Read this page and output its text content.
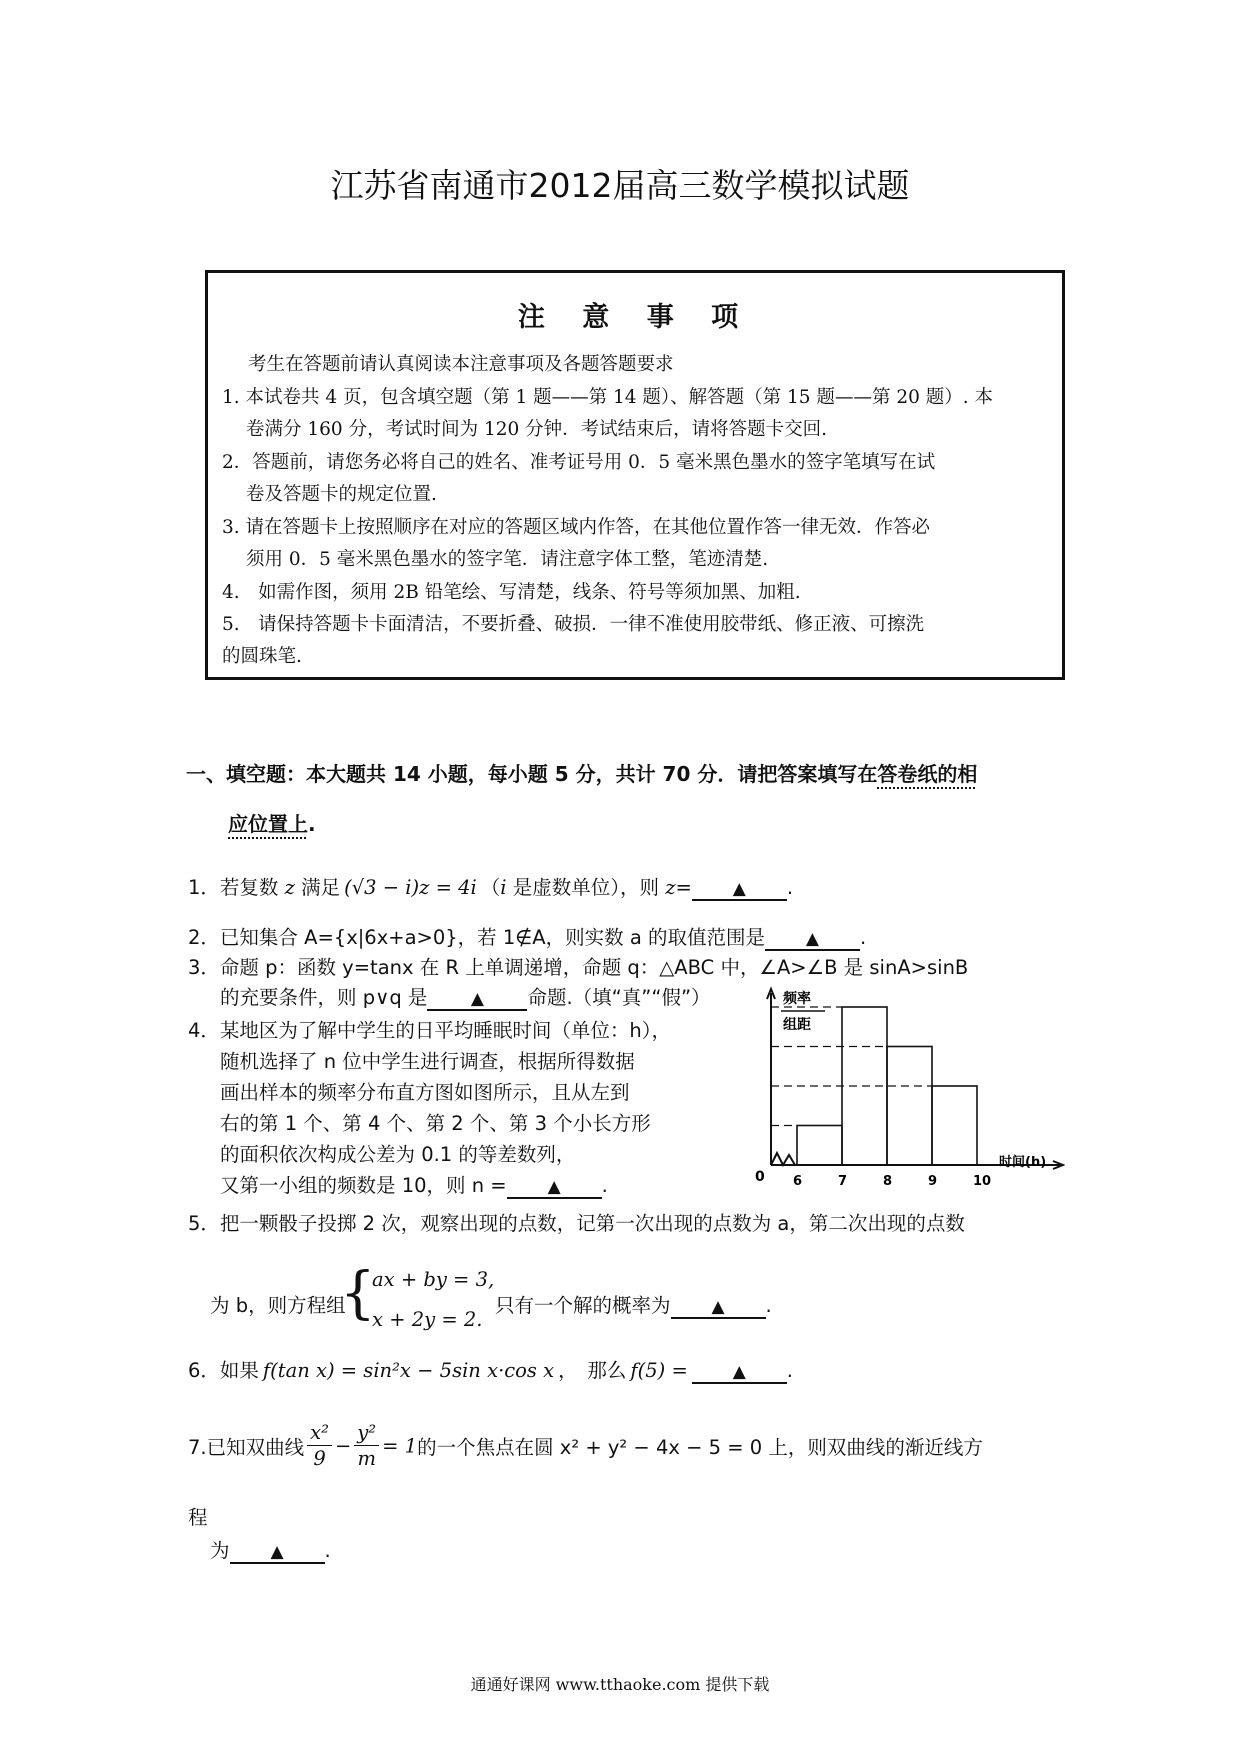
江苏省南通市2012届高三数学模拟试题
注 意 事 项
考生在答题前请认真阅读本注意事项及各题答题要求
1. 本试卷共 4 页，包含填空题（第 1 题——第 14 题）、解答题（第 15 题——第 20 题）. 本
卷满分 160 分，考试时间为 120 分钟．考试结束后，请将答题卡交回.
2．答题前，请您务必将自己的姓名、准考证号用 0．5 毫米黑色墨水的签字笔填写在试
卷及答题卡的规定位置.
3. 请在答题卡上按照顺序在对应的答题区域内作答，在其他位置作答一律无效．作答必
须用 0．5 毫米黑色墨水的签字笔．请注意字体工整，笔迹清楚.
4.　如需作图，须用 2B 铅笔绘、写清楚，线条、符号等须加黑、加粗.
5.　请保持答题卡卡面清洁，不要折叠、破损．一律不准使用胶带纸、修正液、可擦洗
的圆珠笔.
一、填空题：本大题共 14 小题，每小题 5 分，共计 70 分．请把答案填写在答卷纸的相
应位置上.
1．若复数 z 满足 (√3 − i)z = 4i （i 是虚数单位），则 z= ▲ .
2．已知集合 A={x|6x+a>0}，若 1∉A，则实数 a 的取值范围是 ▲ .
3．命题 p：函数 y=tanx 在 R 上单调递增，命题 q：△ABC 中，∠A>∠B 是 sinA>sinB
的充要条件，则 p∨q 是	▲ 命题.（填“真”“假”）
4．某地区为了解中学生的日平均睡眠时间（单位：h），
随机选择了 n 位中学生进行调查，根据所得数据
画出样本的频率分布直方图如图所示，且从左到
右的第 1 个、第 4 个、第 2 个、第 3 个小长方形
的面积依次构成公差为 0.1 的等差数列，
又第一小组的频数是 10，则 n = ▲ .	6	7	8	9	10
频率
组距
时间(h)
0
5．把一颗骰子投掷 2 次，观察出现的点数，记第一次出现的点数为 a，第二次出现的点数
为 b，则方程组
{
ax + by = 3,
x + 2y = 2.
只有一个解的概率为 ▲ .
6．如果 f(tan x) = sin²x − 5sin x·cos x ，　那么 f(5) =	▲ .
7.已知双曲线 $\frac{\text{x²}}{9} - \frac{\text{y²}}{m} = 1$的一个焦点在圆 x² + y² − 4x − 5 = 0 上，则双曲线的渐近线方
程
为 ▲ .
通通好课网 www.tthaoke.com 提供下载
